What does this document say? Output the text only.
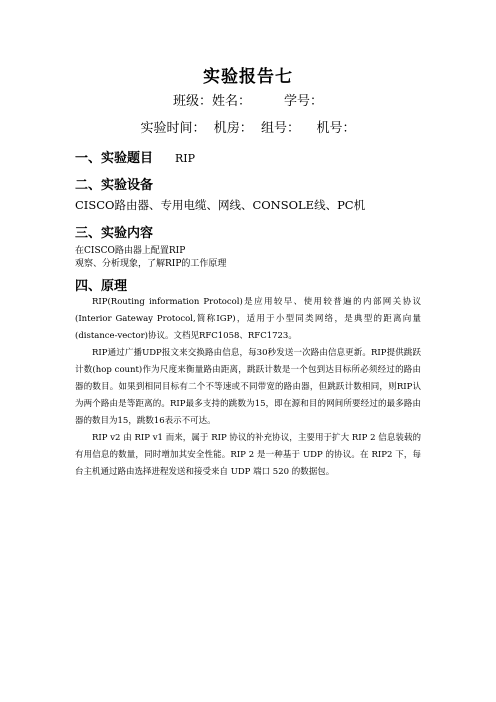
实验报告七
班级：姓名：        学号：
实验时间：  机房：  组号：    机号：
一、实验题目 RIP
二、实验设备
CISCO路由器、专用电缆、网线、CONSOLE线、PC机
三、实验内容
在CISCO路由器上配置RIP
观察、分析现象，了解RIP的工作原理
四、原理

RIP(Routing information Protocol)是应用较早、使用较普遍的内部网关协议(Interior Gateway Protocol,简称IGP)，适用于小型同类网络，是典型的距离向量(distance-vector)协议。文档见RFC1058、RFC1723。

RIP通过广播UDP报文来交换路由信息，每30秒发送一次路由信息更新。RIP提供跳跃计数(hop count)作为尺度来衡量路由距离，跳跃计数是一个包到达目标所必须经过的路由器的数目。如果到相同目标有二个不等速或不同带宽的路由器，但跳跃计数相同，则RIP认为两个路由是等距离的。RIP最多支持的跳数为15，即在源和目的网间所要经过的最多路由器的数目为15，跳数16表示不可达。

RIP v2 由 RIP v1 而来，属于 RIP 协议的补充协议，主要用于扩大 RIP 2 信息装载的有用信息的数量，同时增加其安全性能。RIP 2 是一种基于 UDP 的协议。在 RIP2 下，每台主机通过路由选择进程发送和接受来自 UDP 端口 520 的数据包。
